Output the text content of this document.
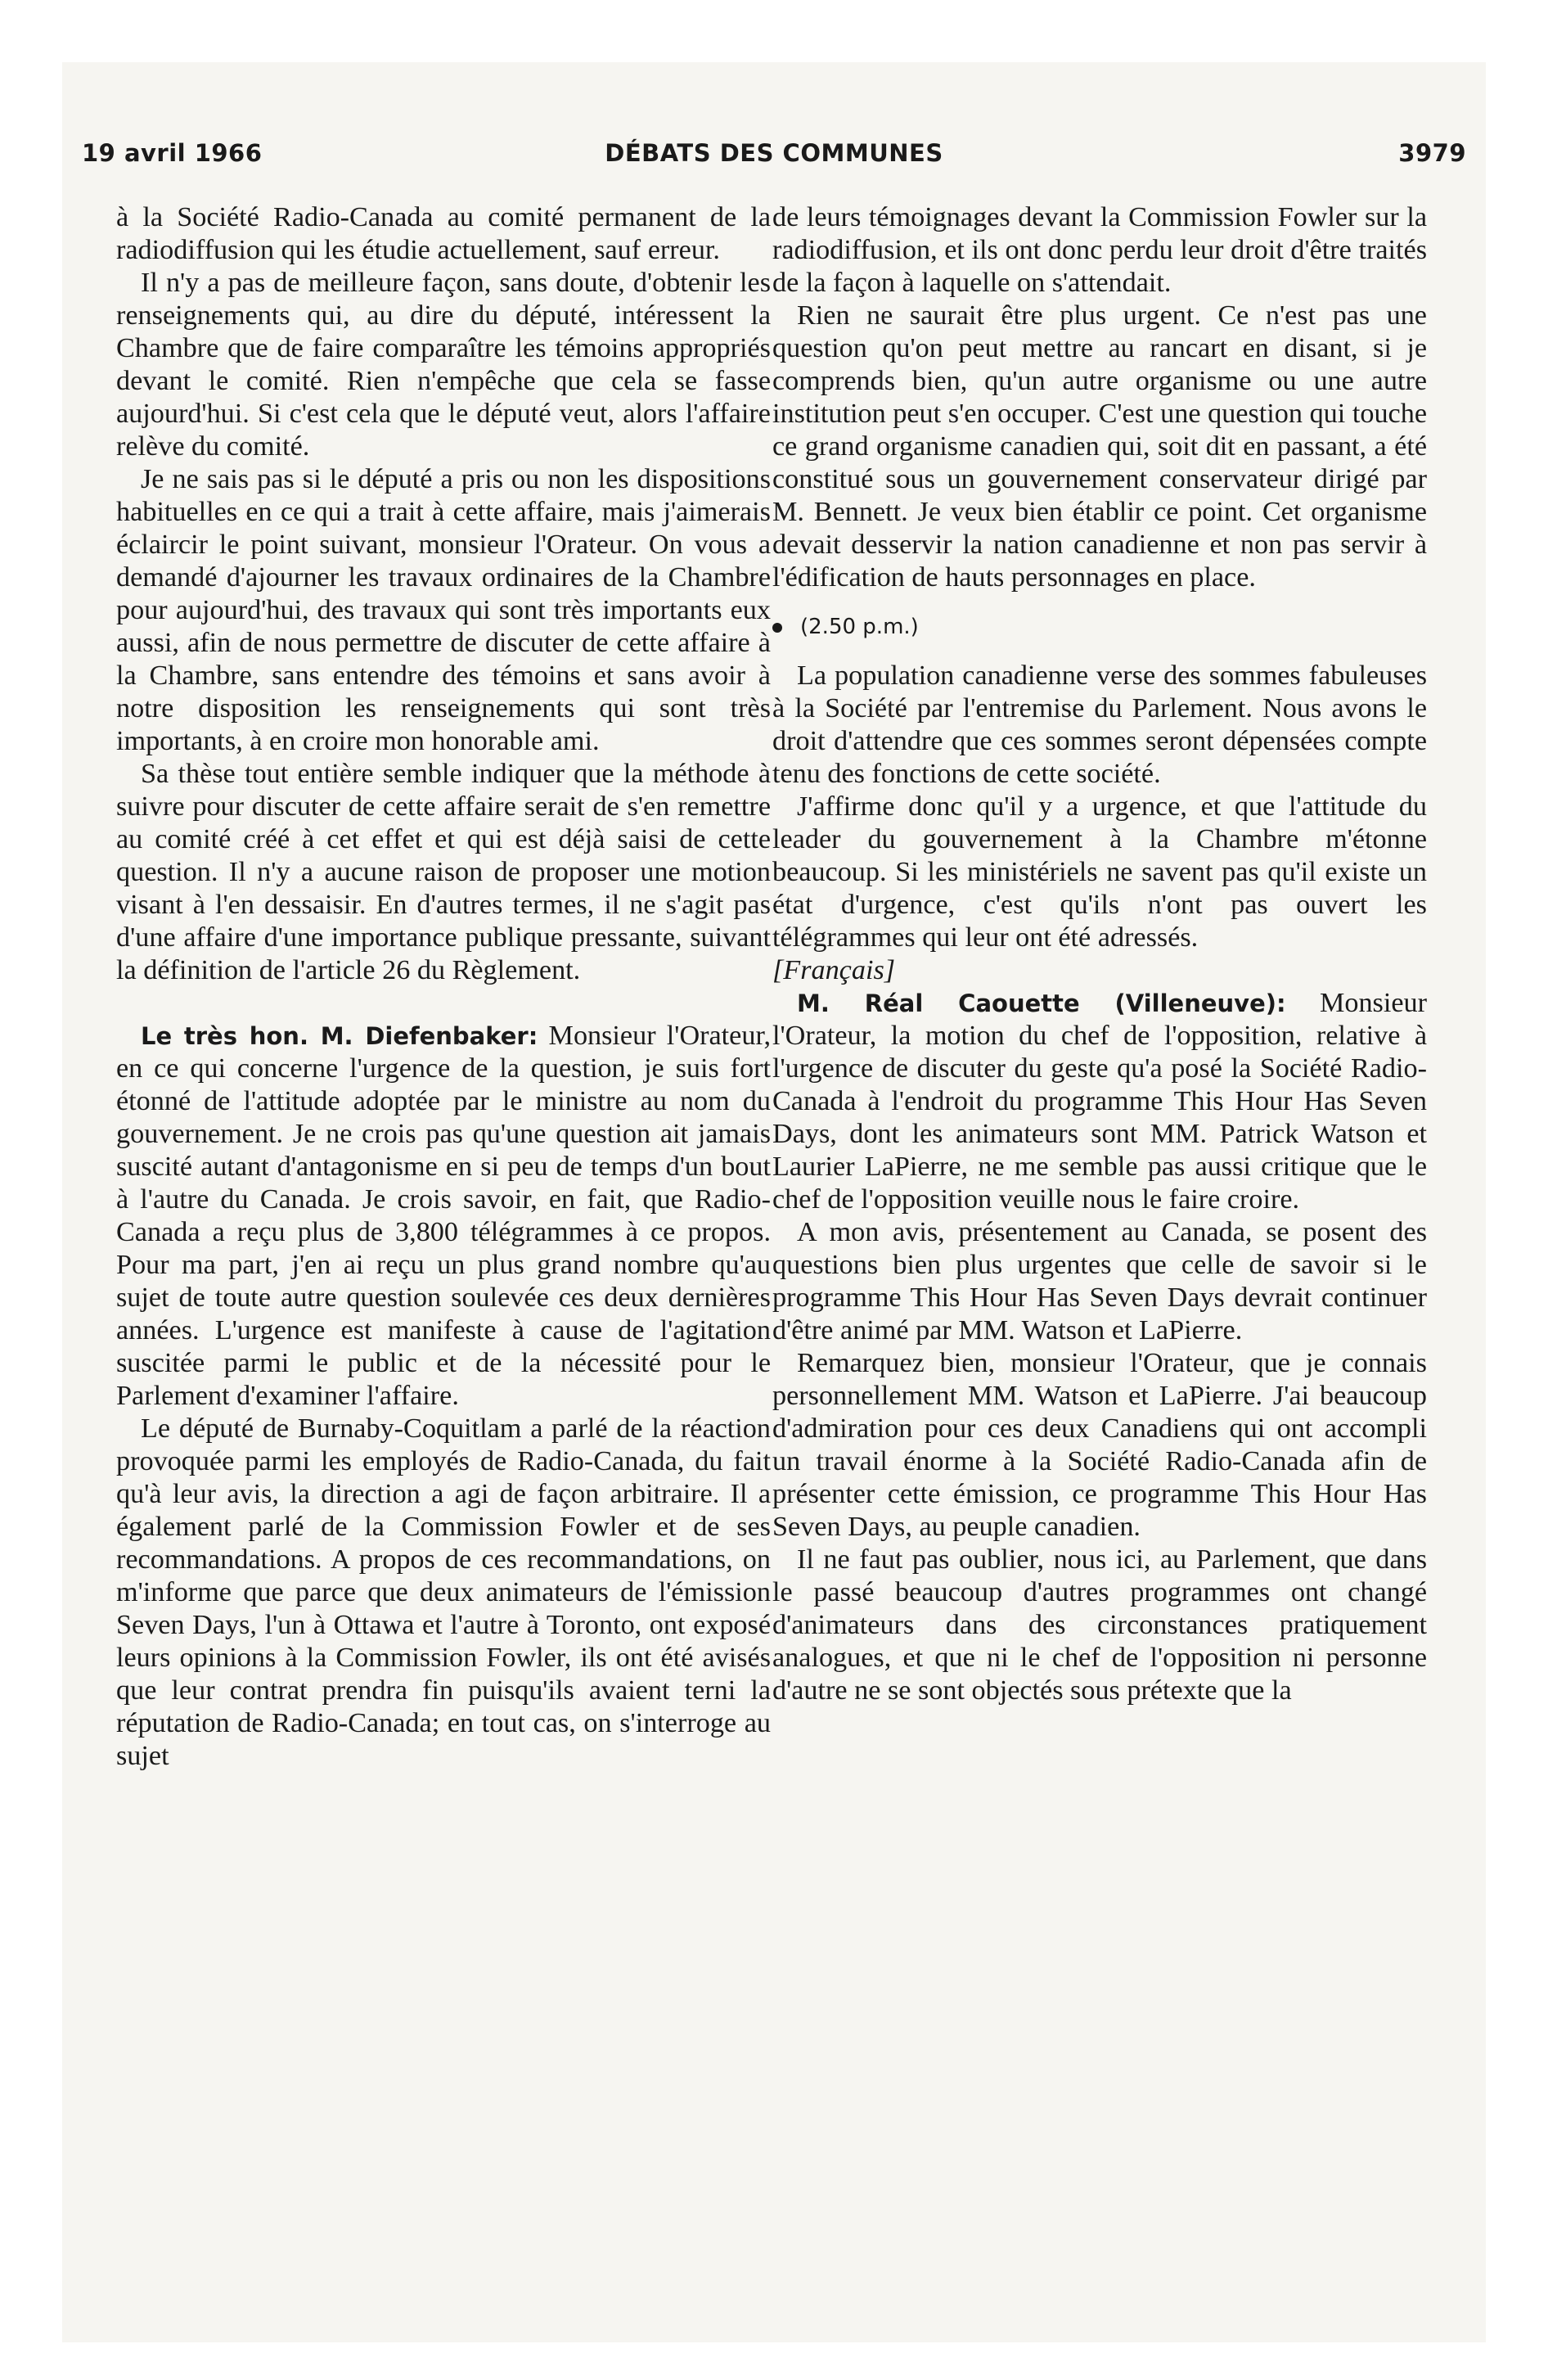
19 avril 1966	DÉBATS DES COMMUNES	3979

à la Société Radio-Canada au comité permanent de la radiodiffusion qui les étudie actuellement, sauf erreur.

Il n'y a pas de meilleure façon, sans doute, d'obtenir les renseignements qui, au dire du député, intéressent la Chambre que de faire comparaître les témoins appropriés devant le comité. Rien n'empêche que cela se fasse aujourd'hui. Si c'est cela que le député veut, alors l'affaire relève du comité.

Je ne sais pas si le député a pris ou non les dispositions habituelles en ce qui a trait à cette affaire, mais j'aimerais éclaircir le point suivant, monsieur l'Orateur. On vous a demandé d'ajourner les travaux ordinaires de la Chambre pour aujourd'hui, des travaux qui sont très importants eux aussi, afin de nous permettre de discuter de cette affaire à la Chambre, sans entendre des témoins et sans avoir à notre disposition les renseignements qui sont très importants, à en croire mon honorable ami.

Sa thèse tout entière semble indiquer que la méthode à suivre pour discuter de cette affaire serait de s'en remettre au comité créé à cet effet et qui est déjà saisi de cette question. Il n'y a aucune raison de proposer une motion visant à l'en dessaisir. En d'autres termes, il ne s'agit pas d'une affaire d'une importance publique pressante, suivant la définition de l'article 26 du Règlement.

Le très hon. M. Diefenbaker: Monsieur l'Orateur, en ce qui concerne l'urgence de la question, je suis fort étonné de l'attitude adoptée par le ministre au nom du gouvernement. Je ne crois pas qu'une question ait jamais suscité autant d'antagonisme en si peu de temps d'un bout à l'autre du Canada. Je crois savoir, en fait, que Radio-Canada a reçu plus de 3,800 télégrammes à ce propos. Pour ma part, j'en ai reçu un plus grand nombre qu'au sujet de toute autre question soulevée ces deux dernières années. L'urgence est manifeste à cause de l'agitation suscitée parmi le public et de la nécessité pour le Parlement d'examiner l'affaire.

Le député de Burnaby-Coquitlam a parlé de la réaction provoquée parmi les employés de Radio-Canada, du fait qu'à leur avis, la direction a agi de façon arbitraire. Il a également parlé de la Commission Fowler et de ses recommandations. A propos de ces recommandations, on m'informe que parce que deux animateurs de l'émission Seven Days, l'un à Ottawa et l'autre à Toronto, ont exposé leurs opinions à la Commission Fowler, ils ont été avisés que leur contrat prendra fin puisqu'ils avaient terni la réputation de Radio-Canada; en tout cas, on s'interroge au sujet

de leurs témoignages devant la Commission Fowler sur la radiodiffusion, et ils ont donc perdu leur droit d'être traités de la façon à laquelle on s'attendait.

Rien ne saurait être plus urgent. Ce n'est pas une question qu'on peut mettre au rancart en disant, si je comprends bien, qu'un autre organisme ou une autre institution peut s'en occuper. C'est une question qui touche ce grand organisme canadien qui, soit dit en passant, a été constitué sous un gouvernement conservateur dirigé par M. Bennett. Je veux bien établir ce point. Cet organisme devait desservir la nation canadienne et non pas servir à l'édification de hauts personnages en place.

(2.50 p.m.)

La population canadienne verse des sommes fabuleuses à la Société par l'entremise du Parlement. Nous avons le droit d'attendre que ces sommes seront dépensées compte tenu des fonctions de cette société.

J'affirme donc qu'il y a urgence, et que l'attitude du leader du gouvernement à la Chambre m'étonne beaucoup. Si les ministériels ne savent pas qu'il existe un état d'urgence, c'est qu'ils n'ont pas ouvert les télégrammes qui leur ont été adressés.

[Français]

M. Réal Caouette (Villeneuve): Monsieur l'Orateur, la motion du chef de l'opposition, relative à l'urgence de discuter du geste qu'a posé la Société Radio-Canada à l'endroit du programme This Hour Has Seven Days, dont les animateurs sont MM. Patrick Watson et Laurier LaPierre, ne me semble pas aussi critique que le chef de l'opposition veuille nous le faire croire.

A mon avis, présentement au Canada, se posent des questions bien plus urgentes que celle de savoir si le programme This Hour Has Seven Days devrait continuer d'être animé par MM. Watson et LaPierre.

Remarquez bien, monsieur l'Orateur, que je connais personnellement MM. Watson et LaPierre. J'ai beaucoup d'admiration pour ces deux Canadiens qui ont accompli un travail énorme à la Société Radio-Canada afin de présenter cette émission, ce programme This Hour Has Seven Days, au peuple canadien.

Il ne faut pas oublier, nous ici, au Parlement, que dans le passé beaucoup d'autres programmes ont changé d'animateurs dans des circonstances pratiquement analogues, et que ni le chef de l'opposition ni personne d'autre ne se sont objectés sous prétexte que la
